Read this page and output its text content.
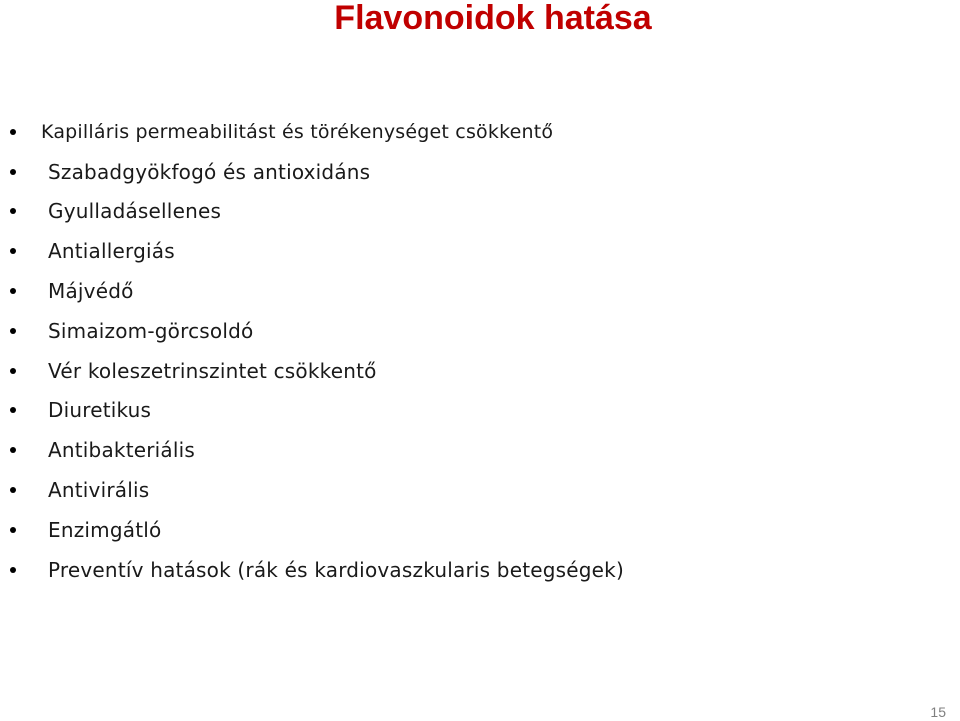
Flavonoidok hatása
Kapilláris permeabilitást és törékenységet csökkentő
Szabadgyökfogó és antioxidáns
Gyulladásellenes
Antiallergiás
Májvédő
Simaizom-görcsoldó
Vér koleszetrinszintet csökkentő
Diuretikus
Antibakteriális
Antivirális
Enzimgátló
Preventív hatások (rák és kardiovaszkularis betegségek)
15
